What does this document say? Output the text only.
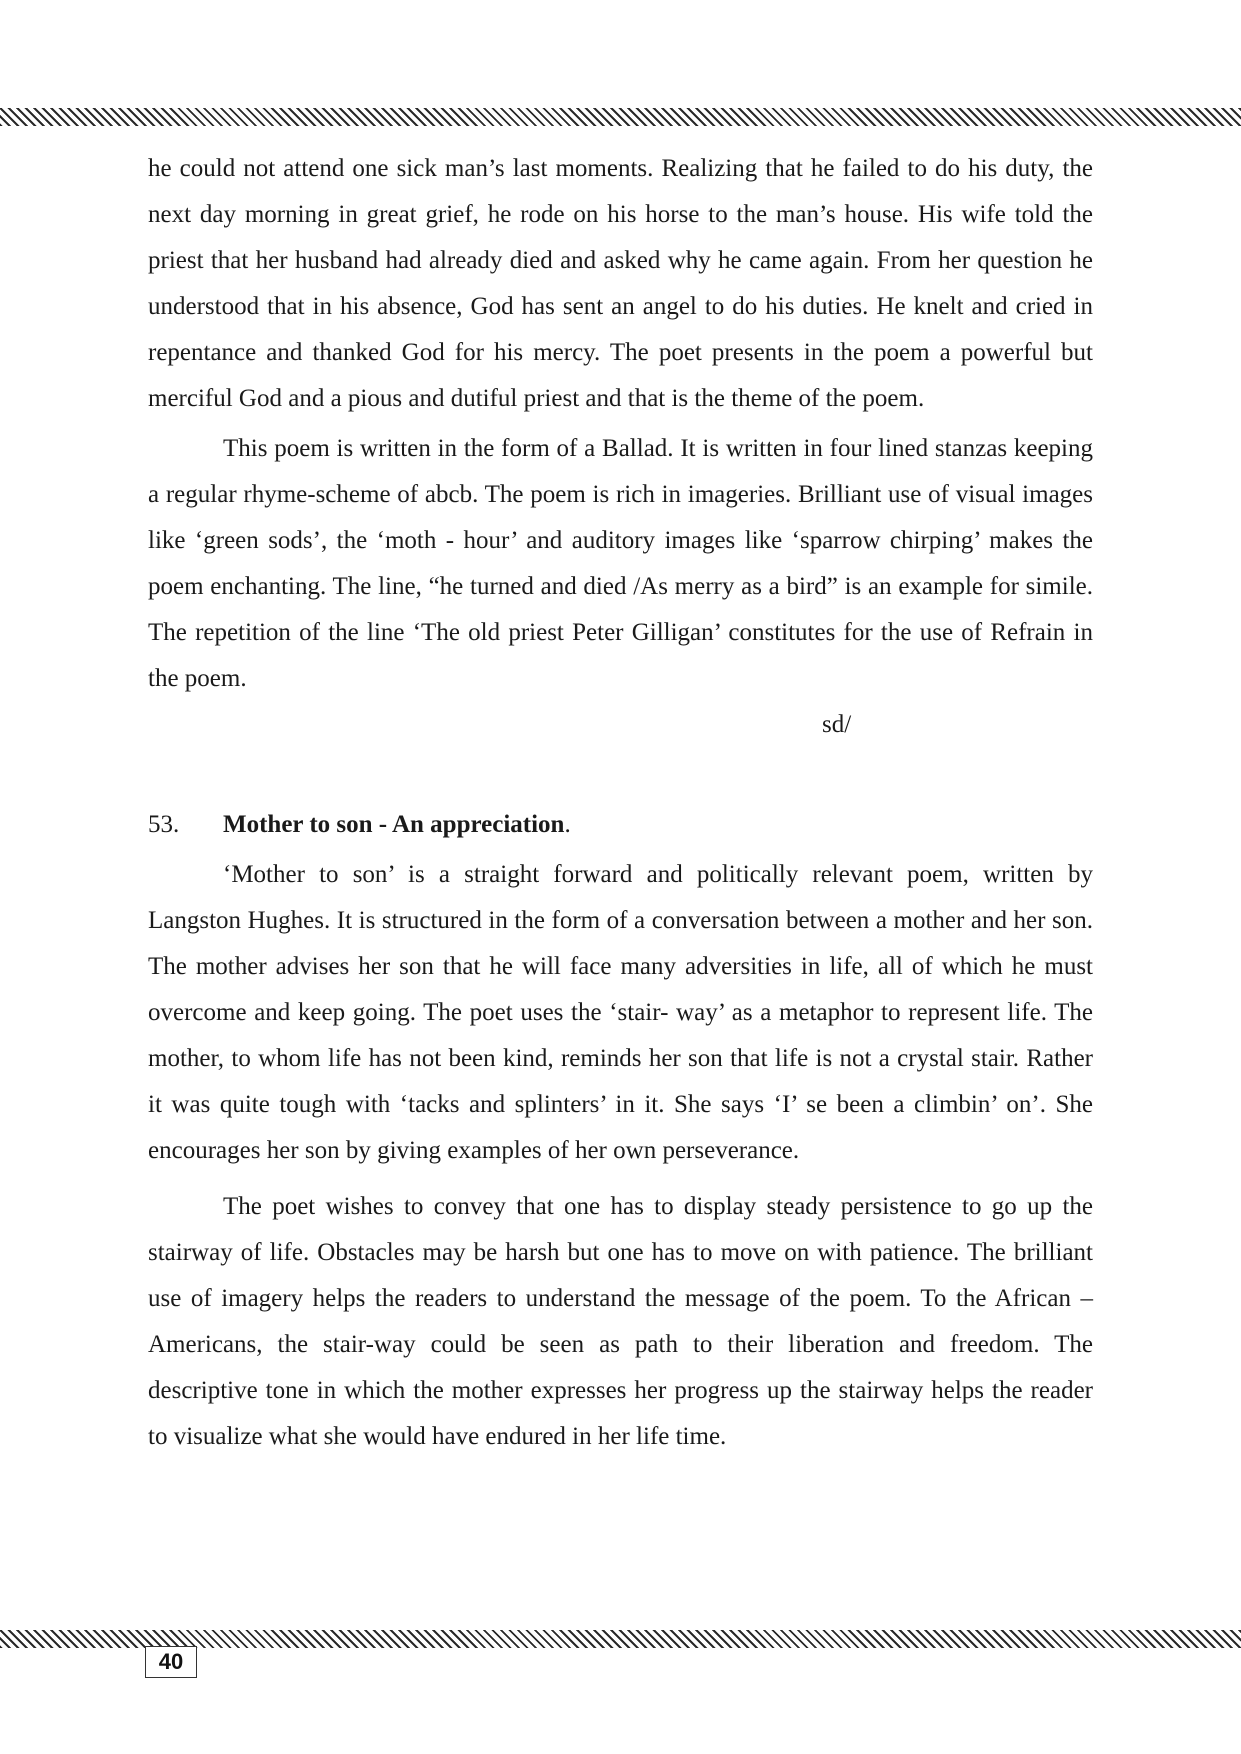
he could not attend one sick man’s last moments. Realizing that he failed to do his duty, the next day morning in great grief, he rode on his horse to the man’s house. His wife told the priest that her husband had already died and asked why he came again. From her question he understood that in his absence, God has sent an angel to do his duties. He knelt and cried in repentance and thanked God for his mercy. The poet presents in the poem a powerful but merciful God and a pious and dutiful priest and that is the theme of the poem.

This poem is written in the form of a Ballad. It is written in four lined stanzas keeping a regular rhyme-scheme of abcb. The poem is rich in imageries. Brilliant use of visual images like ‘green sods’, the ‘moth - hour’ and auditory images like ‘sparrow chirping’ makes the poem enchanting. The line, “he turned and died /As merry as a bird” is an example for simile. The repetition of the line ‘The old priest Peter Gilligan’ constitutes for the use of Refrain in the poem.

sd/

53.	Mother to son - An appreciation.

‘Mother to son’ is a straight forward and politically relevant poem, written by Langston Hughes. It is structured in the form of a conversation between a mother and her son. The mother advises her son that he will face many adversities in life, all of which he must overcome and keep going. The poet uses the ‘stair- way’ as a metaphor to represent life. The mother, to whom life has not been kind, reminds her son that life is not a crystal stair. Rather it was quite tough with ‘tacks and splinters’ in it. She says ‘I’ se been a climbin’ on’. She encourages her son by giving examples of her own perseverance.

The poet wishes to convey that one has to display steady persistence to go up the stairway of life. Obstacles may be harsh but one has to move on with patience. The brilliant use of imagery helps the readers to understand the message of the poem. To the African – Americans, the stair-way could be seen as path to their liberation and freedom. The descriptive tone in which the mother expresses her progress up the stairway helps the reader to visualize what she would have endured in her life time.

40
